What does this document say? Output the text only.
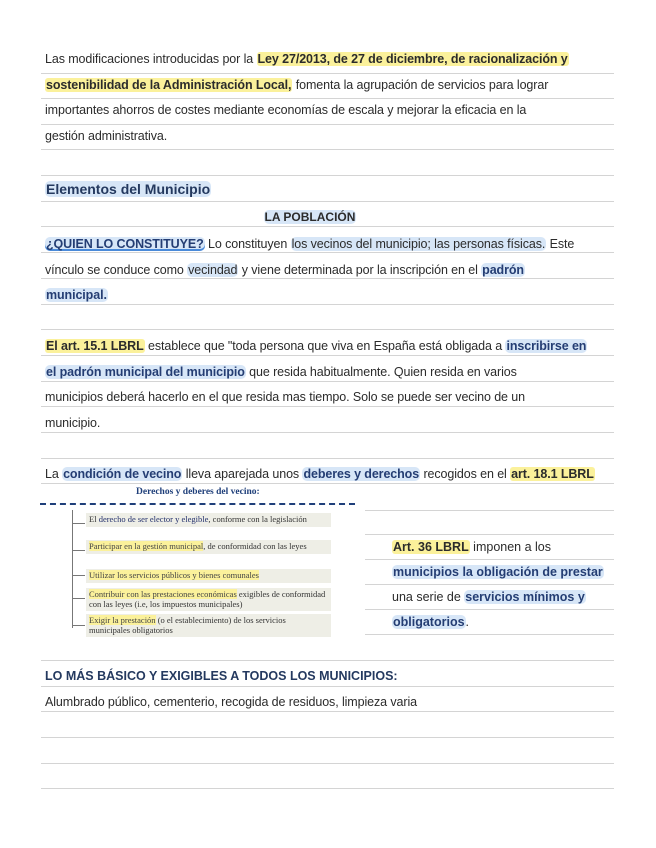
Las modificaciones introducidas por la Ley 27/2013, de 27 de diciembre, de racionalización y
sostenibilidad de la Administración Local, fomenta la agrupación de servicios para lograr
importantes ahorros de costes mediante economías de escala y mejorar la eficacia en la
gestión administrativa.
Elementos del Municipio
LA POBLACIÓN
¿QUIEN LO CONSTITUYE? Lo constituyen los vecinos del municipio; las personas físicas. Este
vínculo se conduce como vecindad y viene determinada por la inscripción en el padrón
municipal.
El art. 15.1 LBRL establece que "toda persona que viva en España está obligada a inscribirse en
el padrón municipal del municipio que resida habitualmente. Quien resida en varios
municipios deberá hacerlo en el que resida mas tiempo. Solo se puede ser vecino de un
municipio.
La condición de vecino lleva aparejada unos deberes y derechos recogidos en el art. 18.1 LBRL
Derechos y deberes del vecino:
El derecho de ser elector y elegible, conforme con la legislación
Participar en la gestión municipal, de conformidad con las leyes
Utilizar los servicios públicos y bienes comunales
Contribuir con las prestaciones económicas exigibles de conformidad con las leyes (i.e, los impuestos municipales)
Exigir la prestación (o el establecimiento) de los servicios municipales obligatorios
Art. 36 LBRL imponen a los
municipios la obligación de prestar
una serie de servicios mínimos y
obligatorios.
LO MÁS BÁSICO Y EXIGIBLES A TODOS LOS MUNICIPIOS:
Alumbrado público, cementerio, recogida de residuos, limpieza varia
